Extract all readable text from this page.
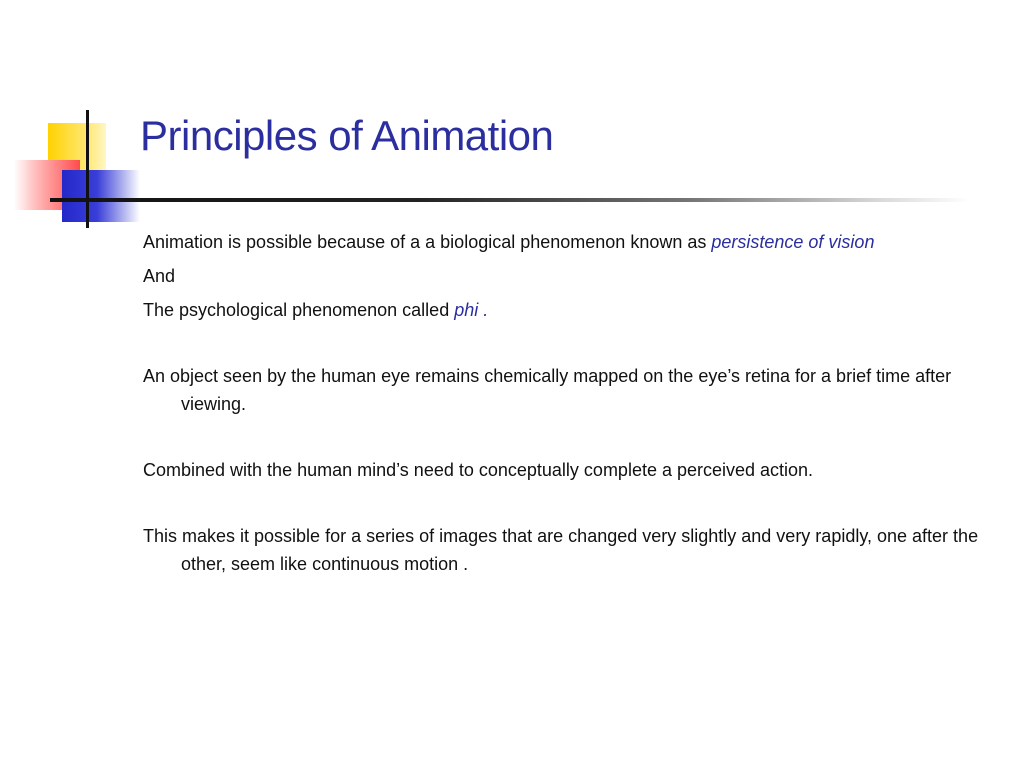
Principles of Animation

Animation is possible because of a a biological phenomenon known as persistence of vision

And

The psychological phenomenon called phi .

An object seen by the human eye remains chemically mapped on the eye’s retina for a brief time after viewing.

Combined with the human mind’s need to conceptually complete a perceived action.

This makes it possible for a series of images that are changed very slightly and very rapidly, one after the other, seem like continuous motion .
